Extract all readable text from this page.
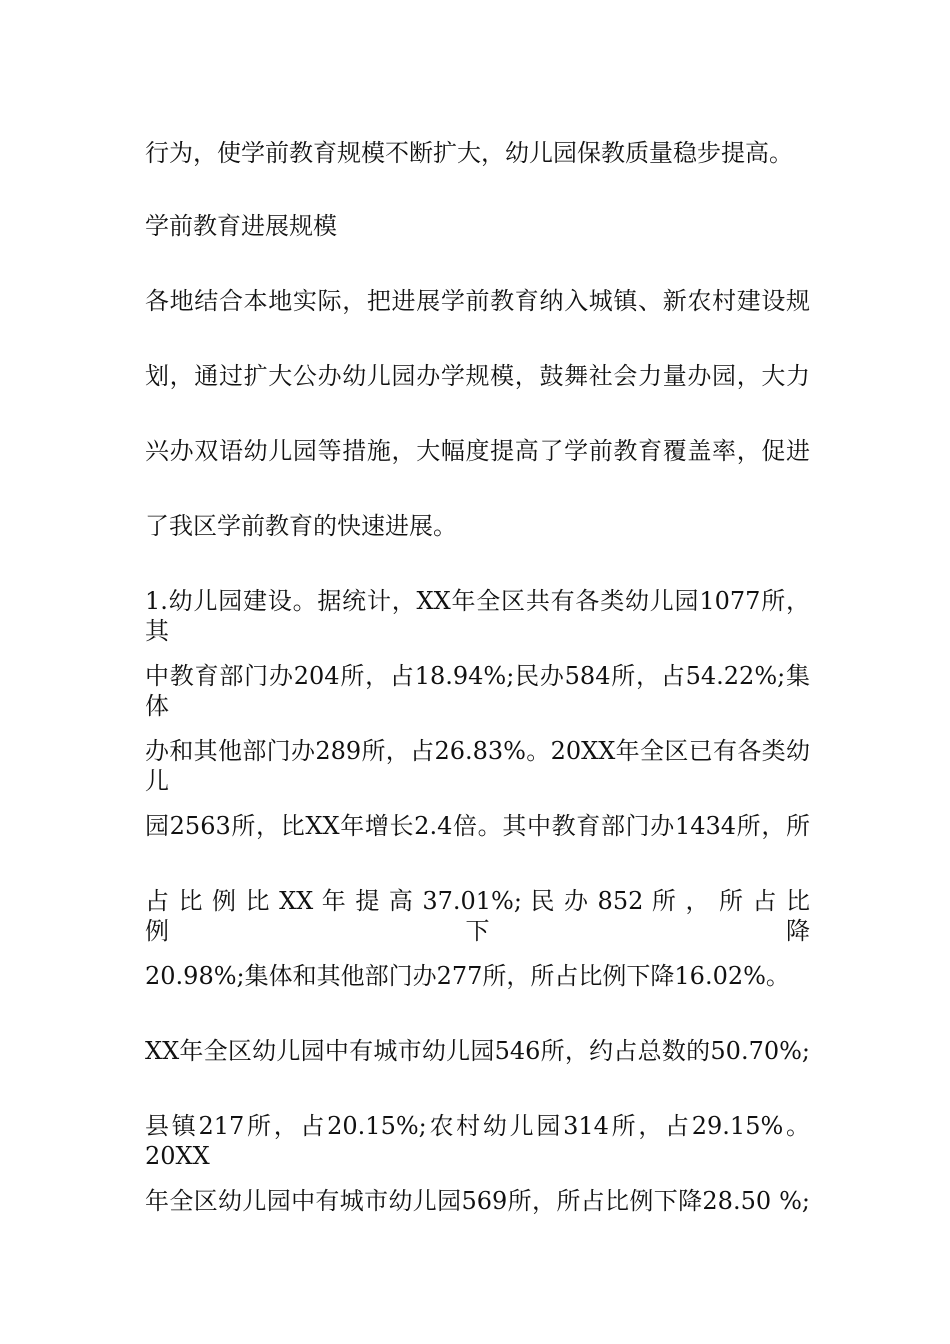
行为，使学前教育规模不断扩大，幼儿园保教质量稳步提高。
学前教育进展规模
各地结合本地实际，把进展学前教育纳入城镇、新农村建设规
划，通过扩大公办幼儿园办学规模，鼓舞社会力量办园，大力
兴办双语幼儿园等措施，大幅度提高了学前教育覆盖率，促进
了我区学前教育的快速进展。
1.幼儿园建设。据统计，XX年全区共有各类幼儿园1077所，其
中教育部门办204所，占18.94%;民办584所，占54.22%;集体
办和其他部门办289所，占26.83%。20XX年全区已有各类幼儿
园2563所，比XX年增长2.4倍。其中教育部门办1434所，所
占 比 例 比 XX 年 提 高 37.01%; 民 办 852 所 ， 所 占 比 例 下 降
20.98%;集体和其他部门办277所，所占比例下降16.02%。
XX年全区幼儿园中有城市幼儿园546所，约占总数的50.70%;
县镇217所，占20.15%;农村幼儿园314所，占29.15%。20XX
年全区幼儿园中有城市幼儿园569所，所占比例下降28.50 %;
